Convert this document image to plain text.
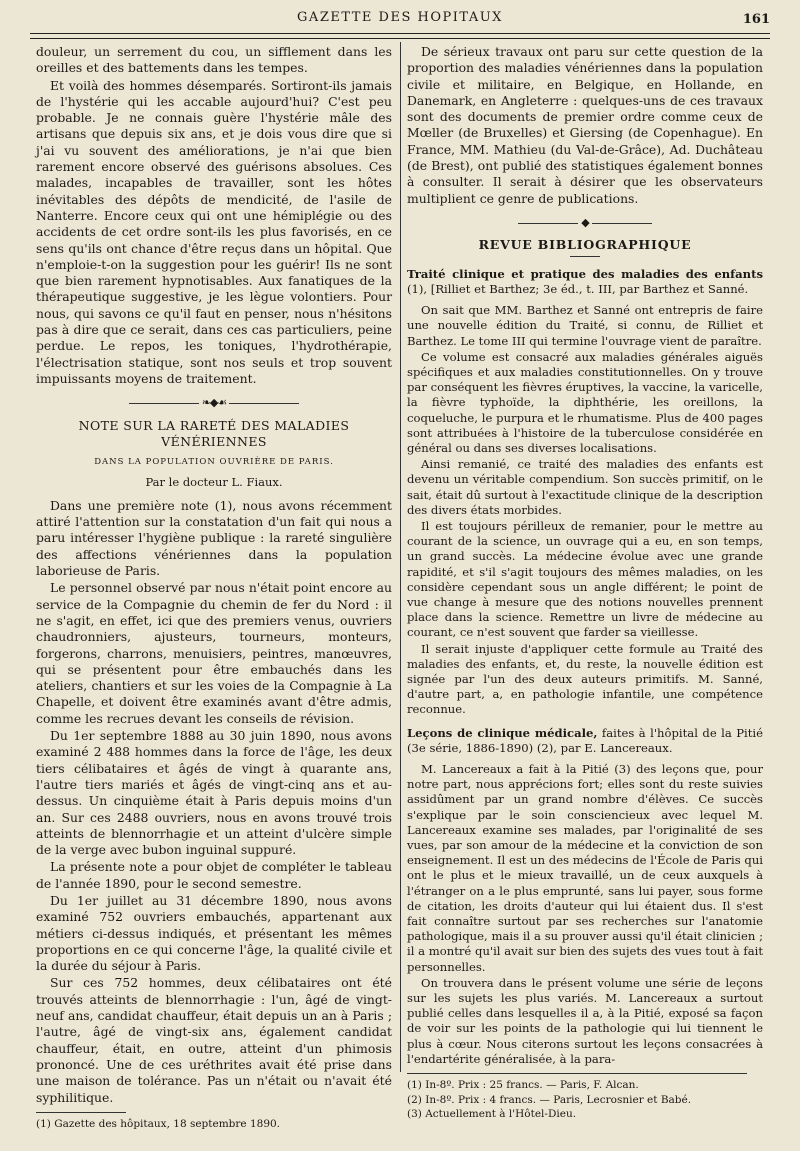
GAZETTE DES HOPITAUX	161

douleur, un serrement du cou, un sifflement dans les oreilles et des battements dans les tempes.

Et voilà des hommes désemparés. Sortiront-ils jamais de l'hystérie qui les accable aujourd'hui? C'est peu probable. Je ne connais guère l'hystérie mâle des artisans que depuis six ans, et je dois vous dire que si j'ai vu souvent des améliorations, je n'ai que bien rarement encore observé des guérisons absolues. Ces malades, incapables de travailler, sont les hôtes inévitables des dépôts de mendicité, de l'asile de Nanterre. Encore ceux qui ont une hémiplégie ou des accidents de cet ordre sont-ils les plus favorisés, en ce sens qu'ils ont chance d'être reçus dans un hôpital. Que n'emploie-t-on la suggestion pour les guérir! Ils ne sont que bien rarement hypnotisables. Aux fanatiques de la thérapeutique suggestive, je les lègue volontiers. Pour nous, qui savons ce qu'il faut en penser, nous n'hésitons pas à dire que ce serait, dans ces cas particuliers, peine perdue. Le repos, les toniques, l'hydrothérapie, l'électrisation statique, sont nos seuls et trop souvent impuissants moyens de traitement.

❧◆☙
NOTE SUR LA RARETÉ DES MALADIES VÉNÉRIENNES
DANS LA POPULATION OUVRIÈRE DE PARIS.
Par le docteur L. Fiaux.

Dans une première note (1), nous avons récemment attiré l'attention sur la constatation d'un fait qui nous a paru intéresser l'hygiène publique : la rareté singulière des affections vénériennes dans la population laborieuse de Paris.

Le personnel observé par nous n'était point encore au service de la Compagnie du chemin de fer du Nord : il ne s'agit, en effet, ici que des premiers venus, ouvriers chaudronniers, ajusteurs, tourneurs, monteurs, forgerons, charrons, menuisiers, peintres, manœuvres, qui se présentent pour être embauchés dans les ateliers, chantiers et sur les voies de la Compagnie à La Chapelle, et doivent être examinés avant d'être admis, comme les recrues devant les conseils de révision.

Du 1er septembre 1888 au 30 juin 1890, nous avons examiné 2 488 hommes dans la force de l'âge, les deux tiers célibataires et âgés de vingt à quarante ans, l'autre tiers mariés et âgés de vingt-cinq ans et au-dessus. Un cinquième était à Paris depuis moins d'un an. Sur ces 2488 ouvriers, nous en avons trouvé trois atteints de blennorrhagie et un atteint d'ulcère simple de la verge avec bubon inguinal suppuré.

La présente note a pour objet de compléter le tableau de l'année 1890, pour le second semestre.

Du 1er juillet au 31 décembre 1890, nous avons examiné 752 ouvriers embauchés, appartenant aux métiers ci-dessus indiqués, et présentant les mêmes proportions en ce qui concerne l'âge, la qualité civile et la durée du séjour à Paris.

Sur ces 752 hommes, deux célibataires ont été trouvés atteints de blennorrhagie : l'un, âgé de vingt-neuf ans, candidat chauffeur, était depuis un an à Paris ; l'autre, âgé de vingt-six ans, également candidat chauffeur, était, en outre, atteint d'un phimosis prononcé. Une de ces uréthrites avait été prise dans une maison de tolérance. Pas un n'était ou n'avait été syphilitique.

(1) Gazette des hôpitaux, 18 septembre 1890.

De sérieux travaux ont paru sur cette question de la proportion des maladies vénériennes dans la population civile et militaire, en Belgique, en Hollande, en Danemark, en Angleterre : quelques-uns de ces travaux sont des documents de premier ordre comme ceux de Mœller (de Bruxelles) et Giersing (de Copenhague). En France, MM. Mathieu (du Val-de-Grâce), Ad. Duchâteau (de Brest), ont publié des statistiques également bonnes à consulter. Il serait à désirer que les observateurs multiplient ce genre de publications.

◆
REVUE BIBLIOGRAPHIQUE

Traité clinique et pratique des maladies des enfants (1), [Rilliet et Barthez; 3e éd., t. III, par Barthez et Sanné.

On sait que MM. Barthez et Sanné ont entrepris de faire une nouvelle édition du Traité, si connu, de Rilliet et Barthez. Le tome III qui termine l'ouvrage vient de paraître.

Ce volume est consacré aux maladies générales aiguës spécifiques et aux maladies constitutionnelles. On y trouve par conséquent les fièvres éruptives, la vaccine, la varicelle, la fièvre typhoïde, la diphthérie, les oreillons, la coqueluche, le purpura et le rhumatisme. Plus de 400 pages sont attribuées à l'histoire de la tuberculose considérée en général ou dans ses diverses localisations.

Ainsi remanié, ce traité des maladies des enfants est devenu un véritable compendium. Son succès primitif, on le sait, était dû surtout à l'exactitude clinique de la description des divers états morbides.

Il est toujours périlleux de remanier, pour le mettre au courant de la science, un ouvrage qui a eu, en son temps, un grand succès. La médecine évolue avec une grande rapidité, et s'il s'agit toujours des mêmes maladies, on les considère cependant sous un angle différent; le point de vue change à mesure que des notions nouvelles prennent place dans la science. Remettre un livre de médecine au courant, ce n'est souvent que farder sa vieillesse.

Il serait injuste d'appliquer cette formule au Traité des maladies des enfants, et, du reste, la nouvelle édition est signée par l'un des deux auteurs primitifs. M. Sanné, d'autre part, a, en pathologie infantile, une compétence reconnue.

Leçons de clinique médicale, faites à l'hôpital de la Pitié (3e série, 1886-1890) (2), par E. Lancereaux.

M. Lancereaux a fait à la Pitié (3) des leçons que, pour notre part, nous apprécions fort; elles sont du reste suivies assidûment par un grand nombre d'élèves. Ce succès s'explique par le soin consciencieux avec lequel M. Lancereaux examine ses malades, par l'originalité de ses vues, par son amour de la médecine et la conviction de son enseignement. Il est un des médecins de l'École de Paris qui ont le plus et le mieux travaillé, un de ceux auxquels à l'étranger on a le plus emprunté, sans lui payer, sous forme de citation, les droits d'auteur qui lui étaient dus. Il s'est fait connaître surtout par ses recherches sur l'anatomie pathologique, mais il a su prouver aussi qu'il était clinicien ; il a montré qu'il avait sur bien des sujets des vues tout à fait personnelles.

On trouvera dans le présent volume une série de leçons sur les sujets les plus variés. M. Lancereaux a surtout publié celles dans lesquelles il a, à la Pitié, exposé sa façon de voir sur les points de la pathologie qui lui tiennent le plus à cœur. Nous citerons surtout les leçons consacrées à l'endartérite généralisée, à la para-

(1) In-8º. Prix : 25 francs. — Paris, F. Alcan.

(2) In-8º. Prix : 4 francs. — Paris, Lecrosnier et Babé.

(3) Actuellement à l'Hôtel-Dieu.
